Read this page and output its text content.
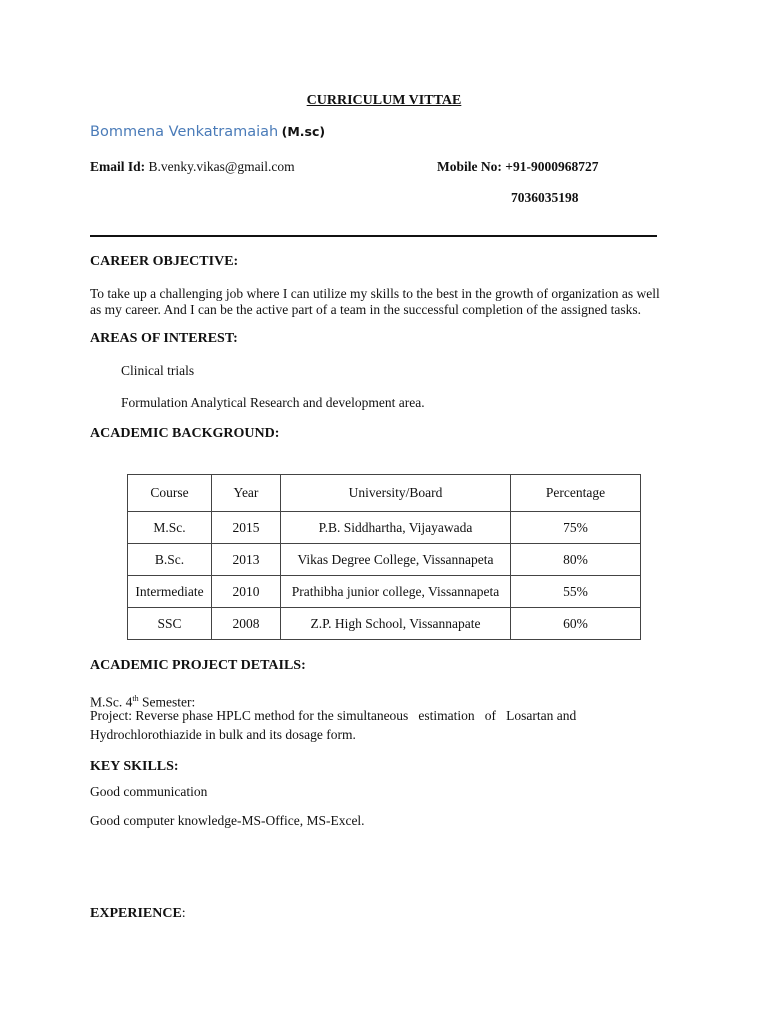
CURRICULUM VITTAE
Bommena Venkatramaiah (M.sc)
Email Id: B.venky.vikas@gmail.com	Mobile No: +91-9000968727
7036035198
CAREER OBJECTIVE:
To take up a challenging job where I can utilize my skills to the best in the growth of organization as well
as my career. And I can be the active part of a team in the successful completion of the assigned tasks.
AREAS OF INTEREST:
Clinical trials
Formulation Analytical Research and development area.
ACADEMIC BACKGROUND:
Course	Year	University/Board	Percentage
M.Sc.	2015	P.B. Siddhartha, Vijayawada	75%
B.Sc.	2013	Vikas Degree College, Vissannapeta	80%
Intermediate	2010	Prathibha junior college, Vissannapeta	55%
SSC	2008	Z.P. High School, Vissannapate	60%
ACADEMIC PROJECT DETAILS:
M.Sc. 4th Semester:
Project: Reverse phase HPLC method for the simultaneous   estimation   of   Losartan and
Hydrochlorothiazide in bulk and its dosage form.
KEY SKILLS:
Good communication
Good computer knowledge-MS-Office, MS-Excel.
EXPERIENCE:
